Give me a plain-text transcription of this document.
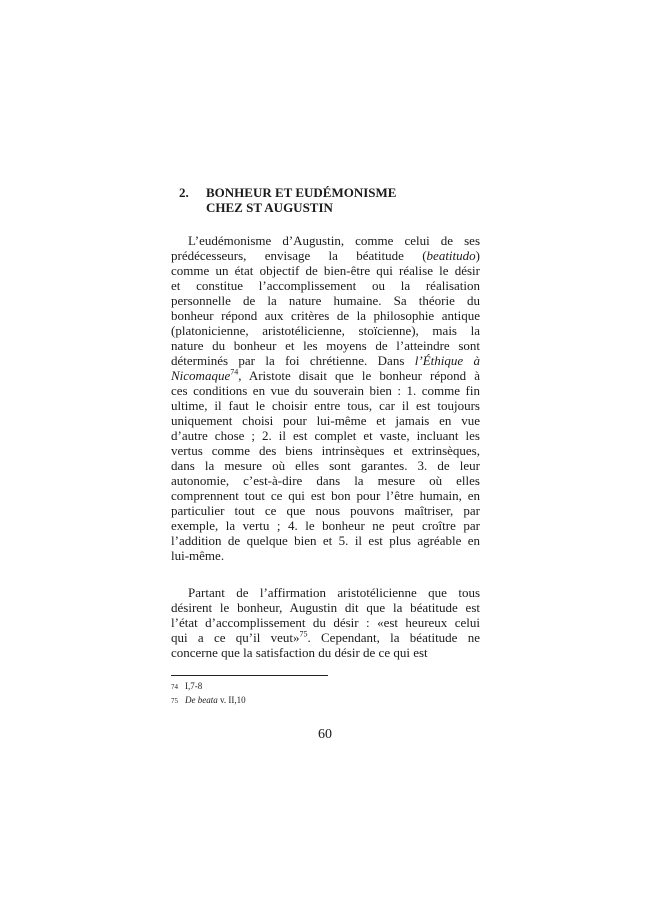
2. BONHEUR ET EUDÉMONISME
CHEZ ST AUGUSTIN
L’eudémonisme d’Augustin, comme celui de ses
prédécesseurs, envisage la béatitude (beatitudo)
comme un état objectif de bien-être qui réalise le désir
et constitue l’accomplissement ou la réalisation
personnelle de la nature humaine. Sa théorie du
bonheur répond aux critères de la philosophie antique
(platonicienne, aristotélicienne, stoïcienne), mais la
nature du bonheur et les moyens de l’atteindre sont
déterminés par la foi chrétienne. Dans l’Éthique à
Nicomaque$^{74}$, Aristote disait que le bonheur répond à
ces conditions en vue du souverain bien : 1. comme fin
ultime, il faut le choisir entre tous, car il est toujours
uniquement choisi pour lui-même et jamais en vue
d’autre chose ; 2. il est complet et vaste, incluant les
vertus comme des biens intrinsèques et extrinsèques,
dans la mesure où elles sont garantes. 3. de leur
autonomie, c’est-à-dire dans la mesure où elles
comprennent tout ce qui est bon pour l’être humain, en
particulier tout ce que nous pouvons maîtriser, par
exemple, la vertu ; 4. le bonheur ne peut croître par
l’addition de quelque bien et 5. il est plus agréable en
lui-même.
Partant de l’affirmation aristotélicienne que tous
désirent le bonheur, Augustin dit que la béatitude est
l’état d’accomplissement du désir : «est heureux celui
qui a ce qu’il veut»$^{75}$. Cependant, la béatitude ne
concerne que la satisfaction du désir de ce qui est
74 I,7-8
75 De beata v. II,10
60
